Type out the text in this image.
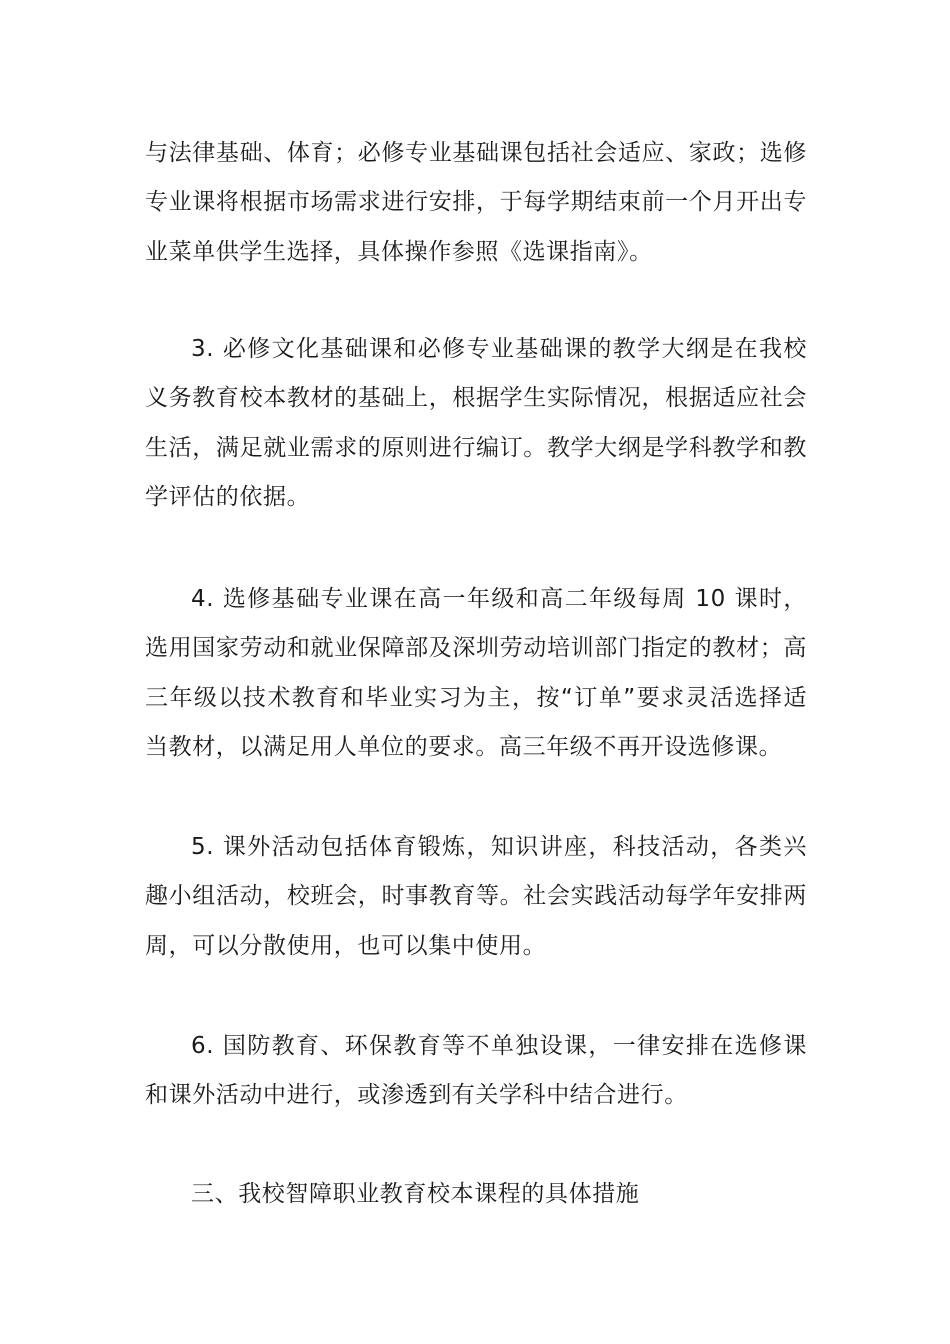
与法律基础、体育；必修专业基础课包括社会适应、家政；选修专业课将根据市场需求进行安排，于每学期结束前一个月开出专业菜单供学生选择，具体操作参照《选课指南》。

3. 必修文化基础课和必修专业基础课的教学大纲是在我校义务教育校本教材的基础上，根据学生实际情况，根据适应社会生活，满足就业需求的原则进行编订。教学大纲是学科教学和教学评估的依据。

4. 选修基础专业课在高一年级和高二年级每周 10 课时，选用国家劳动和就业保障部及深圳劳动培训部门指定的教材；高三年级以技术教育和毕业实习为主，按“订单”要求灵活选择适当教材，以满足用人单位的要求。高三年级不再开设选修课。

5. 课外活动包括体育锻炼，知识讲座，科技活动，各类兴趣小组活动，校班会，时事教育等。社会实践活动每学年安排两周，可以分散使用，也可以集中使用。

6. 国防教育、环保教育等不单独设课，一律安排在选修课和课外活动中进行，或渗透到有关学科中结合进行。

三、我校智障职业教育校本课程的具体措施
